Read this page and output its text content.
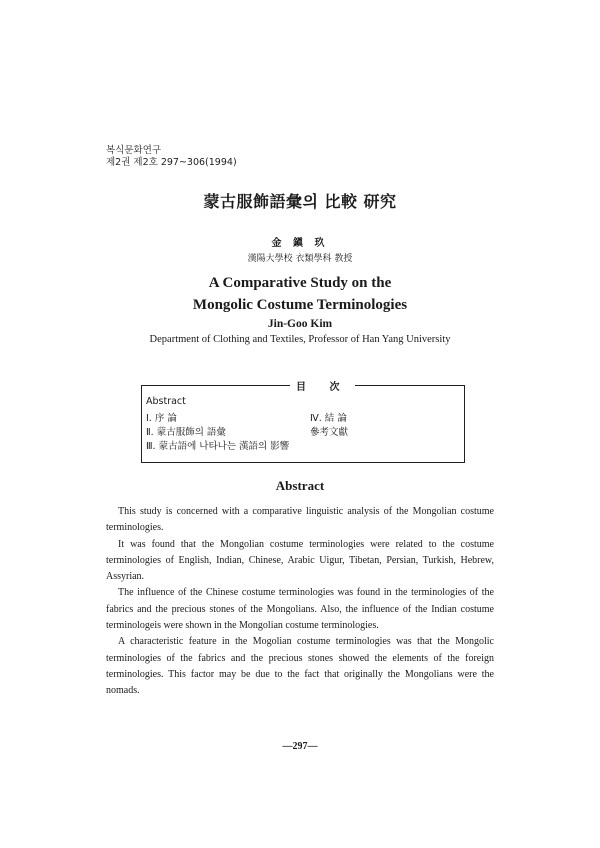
복식문화연구
제2권 제2호 297~306(1994)
蒙古服飾語彙의 比較 研究
金 鎭 玖
漢陽大學校 衣類學科 教授
A Comparative Study on the
Mongolic Costume Terminologies
Jin-Goo Kim
Department of Clothing and Textiles, Professor of Han Yang University
目 次
Abstract
Ⅰ. 序 論
Ⅱ. 蒙古服飾의 語彙
Ⅲ. 蒙古語에 나타나는 漢語의 影響
Ⅳ. 結 論
參考文獻
Abstract

This study is concerned with a comparative linguistic analysis of the Mongolian costume terminologies.

It was found that the Mongolian costume terminologies were related to the costume terminologies of English, Indian, Chinese, Arabic Uigur, Tibetan, Persian, Turkish, Hebrew, Assyrian.

The influence of the Chinese costume terminologies was found in the terminologies of the fabrics and the precious stones of the Mongolians. Also, the influence of the Indian costume terminologeis were shown in the Mongolian costume terminologies.

A characteristic feature in the Mogolian costume terminologies was that the Mongolic terminologies of the fabrics and the precious stones showed the elements of the foreign terminologies. This factor may be due to the fact that originally the Mongolians were the nomads.

—297—
